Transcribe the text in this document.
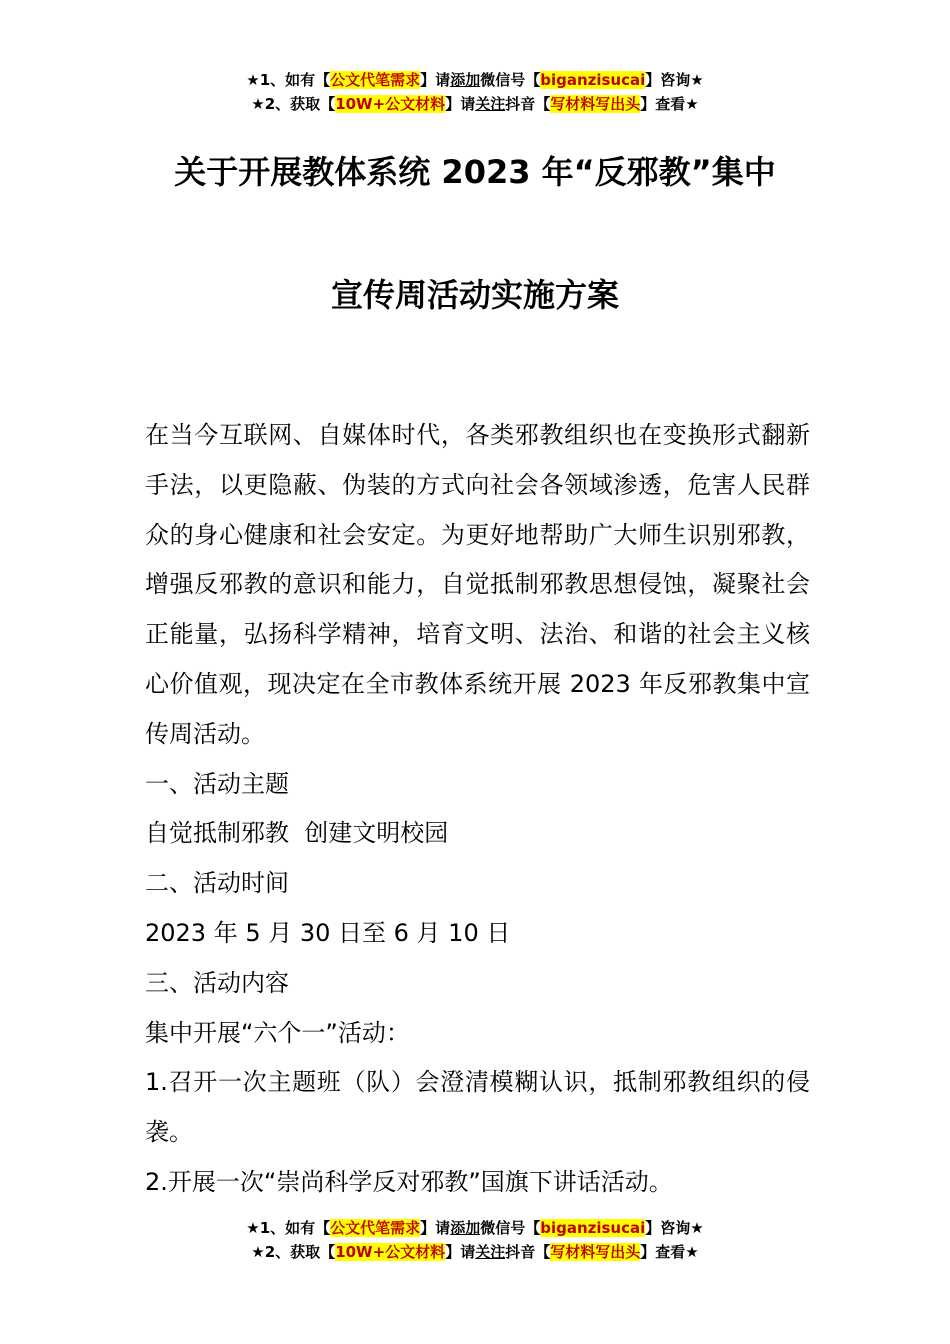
★1、如有【公文代笔需求】请添加微信号【biganzisucai】咨询★
★2、获取【10W+公文材料】请关注抖音【写材料写出头】查看★
关于开展教体系统 2023 年“反邪教”集中
宣传周活动实施方案

在当今互联网、自媒体时代，各类邪教组织也在变换形式翻新手法，以更隐蔽、伪装的方式向社会各领域渗透，危害人民群众的身心健康和社会安定。为更好地帮助广大师生识别邪教，增强反邪教的意识和能力，自觉抵制邪教思想侵蚀，凝聚社会正能量，弘扬科学精神，培育文明、法治、和谐的社会主义核心价值观，现决定在全市教体系统开展 2023 年反邪教集中宣传周活动。

一、活动主题

自觉抵制邪教  创建文明校园

二、活动时间

2023 年 5 月 30 日至 6 月 10 日

三、活动内容

集中开展“六个一”活动：

1.召开一次主题班（队）会澄清模糊认识，抵制邪教组织的侵袭。

2.开展一次“崇尚科学反对邪教”国旗下讲话活动。

★1、如有【公文代笔需求】请添加微信号【biganzisucai】咨询★
★2、获取【10W+公文材料】请关注抖音【写材料写出头】查看★
